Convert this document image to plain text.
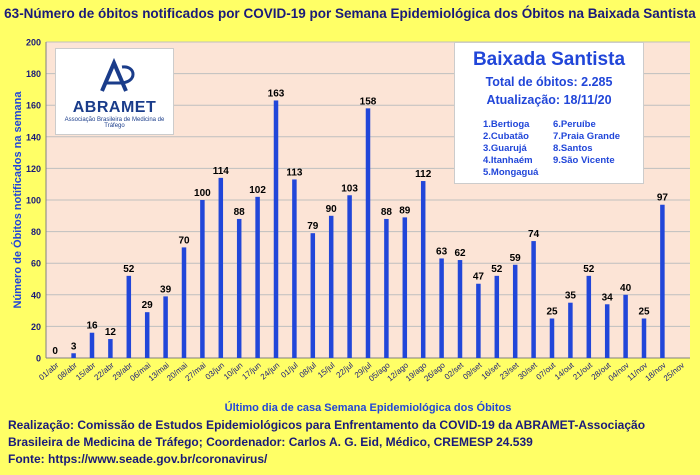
63-Número de óbitos notificados por COVID-19 por Semana Epidemiológica dos Óbitos na Baixada Santista
0
20
40
60
80
100
120
140
160
180
200
0
01/abr
3
08/abr
16
15/abr
12
22/abr
52
29/abr
29
06/mai
39
13/mai
70
20/mai
100
27/mai
114
03/jun
88
10/jun
102
17/jun
163
24/jun
113
01/jul
79
08/jul
90
15/jul
103
22/jul
158
29/jul
88
05/ago
89
12/ago
112
19/ago
63
26/ago
62
02/set
47
09/set
52
16/set
59
23/set
74
30/set
25
07/out
35
14/out
52
21/out
34
28/out
40
04/nov
25
11/nov
97
18/nov
25/nov
Último dia de casa Semana Epidemiológica dos Óbitos
Número de Óbitos notificados na semana	ABRAMET
Associação Brasileira de Medicina de Tráfego
Baixada Santista
Total de óbitos: 2.285
Atualização: 18/11/20
1.Bertioga
2.Cubatão
3.Guarujá
4.Itanhaém
5.Mongaguá
6.Peruíbe
7.Praia Grande
8.Santos
9.São Vicente
Realização: Comissão de Estudos Epidemiológicos para Enfrentamento da COVID-19 da ABRAMET-Associação
Brasileira de Medicina de Tráfego; Coordenador: Carlos A. G. Eid, Médico, CREMESP 24.539
Fonte: https://www.seade.gov.br/coronavirus/
